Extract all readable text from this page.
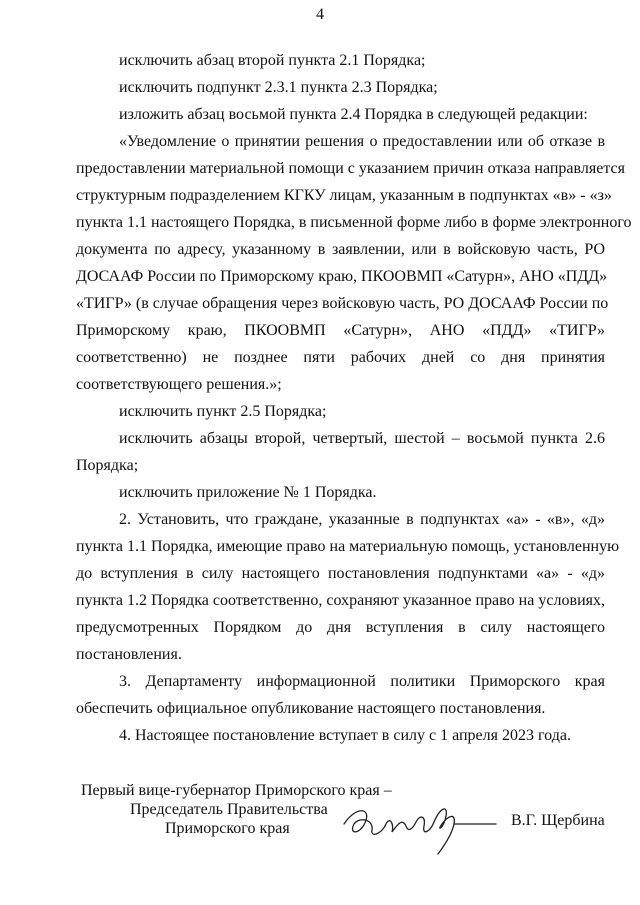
4
исключить абзац второй пункта 2.1 Порядка;
исключить подпункт 2.3.1 пункта 2.3 Порядка;
изложить абзац восьмой пункта 2.4 Порядка в следующей редакции:
«Уведомление о принятии решения о предоставлении или об отказе в
предоставлении материальной помощи с указанием причин отказа направляется
структурным подразделением КГКУ лицам, указанным в подпунктах «в» - «з»
пункта 1.1 настоящего Порядка, в письменной форме либо в форме электронного
документа по адресу, указанному в заявлении, или в войсковую часть, РО
ДОСААФ России по Приморскому краю, ПКООВМП «Сатурн», АНО «ПДД»
«ТИГР» (в случае обращения через войсковую часть, РО ДОСААФ России по
Приморскому краю, ПКООВМП «Сатурн», АНО «ПДД» «ТИГР»
соответственно) не позднее пяти рабочих дней со дня принятия
соответствующего решения.»;
исключить пункт 2.5 Порядка;
исключить абзацы второй, четвертый, шестой – восьмой пункта 2.6
Порядка;
исключить приложение № 1 Порядка.
2. Установить, что граждане, указанные в подпунктах «а» - «в», «д»
пункта 1.1 Порядка, имеющие право на материальную помощь, установленную
до вступления в силу настоящего постановления подпунктами «а» - «д»
пункта 1.2 Порядка соответственно, сохраняют указанное право на условиях,
предусмотренных Порядком до дня вступления в силу настоящего
постановления.
3. Департаменту информационной политики Приморского края
обеспечить официальное опубликование настоящего постановления.
4. Настоящее постановление вступает в силу с 1 апреля 2023 года.
Первый вице-губернатор Приморского края –
Председатель Правительства
Приморского края	В.Г. Щербина
